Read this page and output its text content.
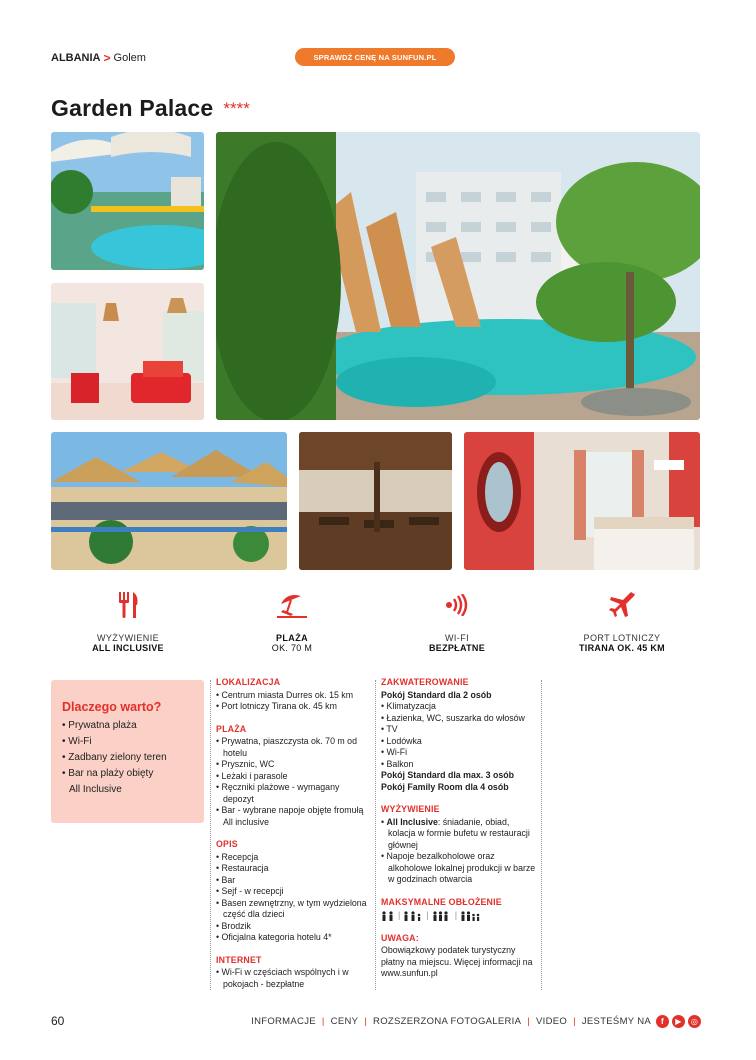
ALBANIA > Golem	SPRAWDŹ CENĘ NA SUNFUN.PL
Garden Palace ****
WYŻYWIENIE
ALL INCLUSIVE
PLAŻA
OK. 70 M
WI-FI
BEZPŁATNE
PORT LOTNICZY
TIRANA OK. 45 KM
Dlaczego warto?
• Prywatna plaża
• Wi-Fi
• Zadbany zielony teren
• Bar na plaży obięty
All Inclusive
LOKALIZACJA
• Centrum miasta Durres ok. 15 km
• Port lotniczy Tirana ok. 45 km
PLAŻA
• Prywatna, piaszczysta ok. 70 m od hotelu
• Prysznic, WC
• Leżaki i parasole
• Ręczniki plażowe - wymagany depozyt
• Bar - wybrane napoje objęte fromułą All inclusive
OPIS
• Recepcja
• Restauracja
• Bar
• Sejf - w recepcji
• Basen zewnętrzny, w tym wydzielona część dla dzieci
• Brodzik
• Oficjalna kategoria hotelu 4*
INTERNET
• Wi-Fi w częściach wspólnych i w pokojach - bezpłatne
ZAKWATEROWANIE
Pokój Standard dla 2 osób
• Klimatyzacja
• Łazienka, WC, suszarka do włosów
• TV
• Lodówka
• Wi-Fi
• Balkon
Pokój Standard dla max. 3 osób
Pokój Family Room dla 4 osób
WYŻYWIENIE
• All Inclusive: śniadanie, obiad, kolacja w formie bufetu w restauracji głównej
• Napoje bezalkoholowe oraz alkoholowe lokalnej produkcji w barze w godzinach otwarcia
MAKSYMALNE OBŁOŻENIE
|	|	|
UWAGA:
Obowiązkowy podatek turystyczny płatny na miejscu. Więcej informacji na www.sunfun.pl
60	INFORMACJE | CENY | ROZSZERZONA FOTOGALERIA | VIDEO | JESTEŚMY NA	f	▶	◎
